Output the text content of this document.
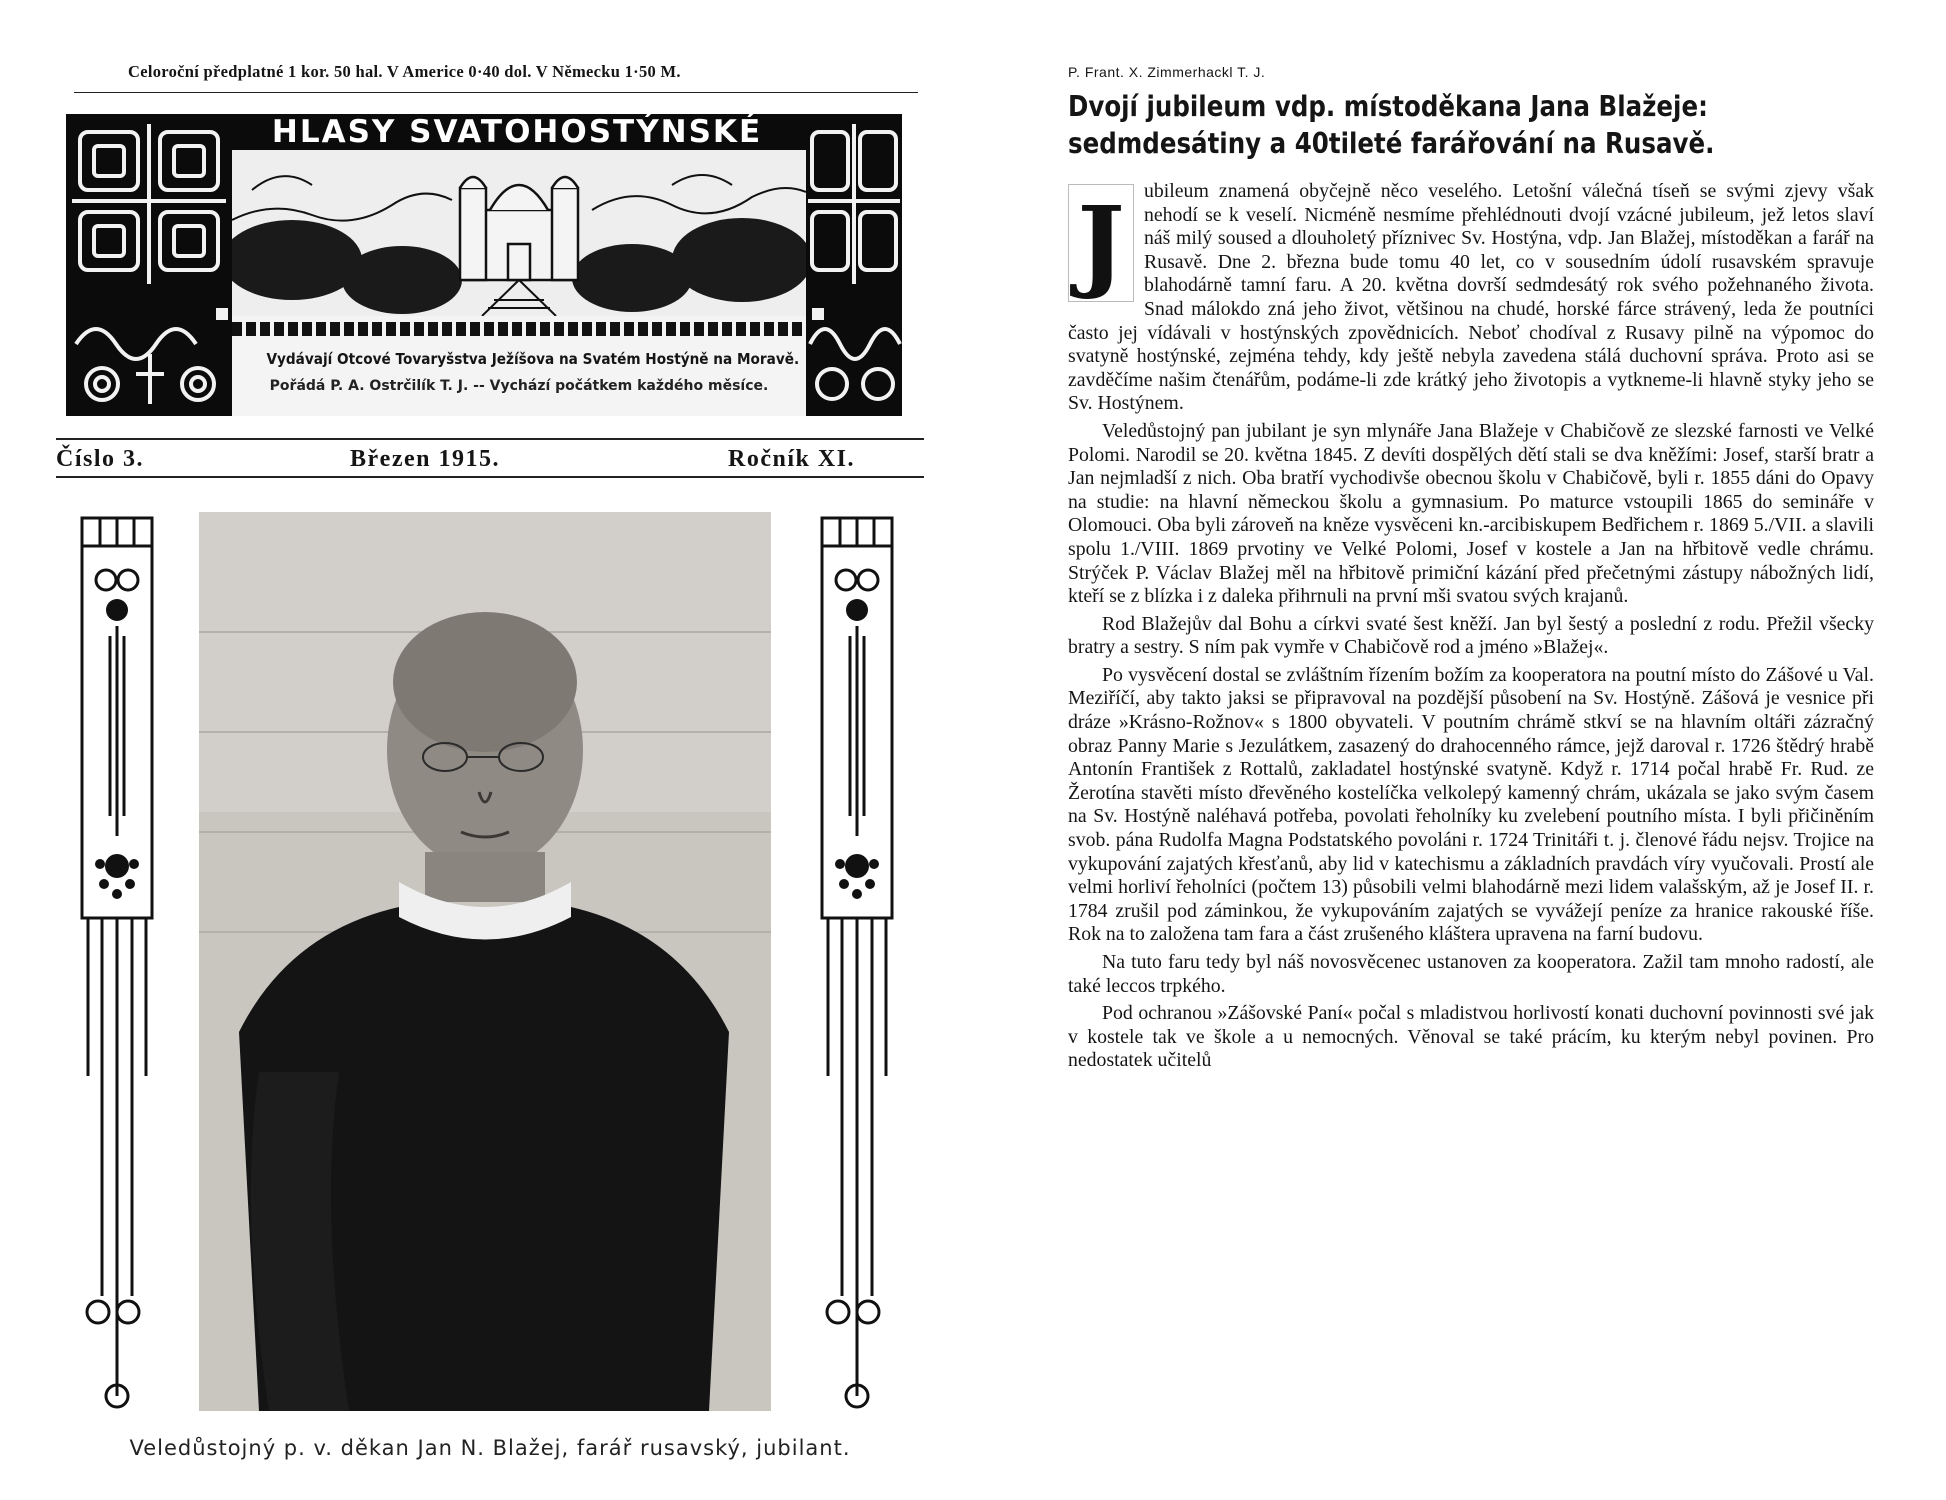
Celoroční předplatné 1 kor. 50 hal. V Americe 0·40 dol. V Německu 1·50 M.
HLASY SVATOHOSTÝNSKÉ
Vydávají Otcové Tovaryšstva Ježíšova na Svatém Hostýně na Moravě.
Pořádá P. A. Ostrčilík T. J. -- Vychází počátkem každého měsíce.
Číslo 3.	Březen 1915.	Ročník XI.
Veledůstojný p. v. děkan Jan N. Blažej, farář rusavský, jubilant.
P. Frant. X. Zimmerhackl T. J.
Dvojí jubileum vdp. místoděkana Jana Blažeje:
sedmdesátiny a 40tileté farářování na Rusavě.

J ubileum znamená obyčejně něco veselého. Letošní válečná tíseň se svými zjevy však nehodí se k veselí. Nicméně nesmíme přehlédnouti dvojí vzácné jubileum, jež letos slaví náš milý soused a dlouholetý příznivec Sv. Hostýna, vdp. Jan Blažej, místoděkan a farář na Rusavě. Dne 2. března bude tomu 40 let, co v sousedním údolí rusavském spravuje blahodárně tamní faru. A 20. května dovrší sedmdesátý rok svého požehnaného života. Snad málokdo zná jeho život, většinou na chudé, horské fárce strávený, leda že poutníci často jej vídávali v hostýnských zpovědnicích. Neboť chodíval z Rusavy pilně na výpomoc do svatyně hostýnské, zejména tehdy, kdy ještě nebyla zavedena stálá duchovní správa. Proto asi se zavděčíme našim čtenářům, podáme-li zde krátký jeho životopis a vytkneme-li hlavně styky jeho se Sv. Hostýnem.

Veledůstojný pan jubilant je syn mlynáře Jana Blažeje v Chabičově ze slezské farnosti ve Velké Polomi. Narodil se 20. května 1845. Z devíti dospělých dětí stali se dva kněžími: Josef, starší bratr a Jan nejmladší z nich. Oba bratří vychodivše obecnou školu v Chabičově, byli r. 1855 dáni do Opavy na studie: na hlavní německou školu a gymnasium. Po maturce vstoupili 1865 do semináře v Olomouci. Oba byli zároveň na kněze vysvěceni kn.-arcibiskupem Bedřichem r. 1869 5./VII. a slavili spolu 1./VIII. 1869 prvotiny ve Velké Polomi, Josef v kostele a Jan na hřbitově vedle chrámu. Strýček P. Václav Blažej měl na hřbitově primiční kázání před přečetnými zástupy nábožných lidí, kteří se z blízka i z daleka přihrnuli na první mši svatou svých krajanů.

Rod Blažejův dal Bohu a církvi svaté šest kněží. Jan byl šestý a poslední z rodu. Přežil všecky bratry a sestry. S ním pak vymře v Chabičově rod a jméno »Blažej«.

Po vysvěcení dostal se zvláštním řízením božím za kooperatora na poutní místo do Zášové u Val. Meziříčí, aby takto jaksi se připravoval na pozdější působení na Sv. Hostýně. Zášová je vesnice při dráze »Krásno-Rožnov« s 1800 obyvateli. V poutním chrámě stkví se na hlavním oltáři zázračný obraz Panny Marie s Jezulátkem, zasazený do drahocenného rámce, jejž daroval r. 1726 štědrý hrabě Antonín František z Rottalů, zakladatel hostýnské svatyně. Když r. 1714 počal hrabě Fr. Rud. ze Žerotína stavěti místo dřevěného kostelíčka velkolepý kamenný chrám, ukázala se jako svým časem na Sv. Hostýně naléhavá potřeba, povolati řeholníky ku zvelebení poutního místa. I byli přičiněním svob. pána Rudolfa Magna Podstatského povoláni r. 1724 Trinitáři t. j. členové řádu nejsv. Trojice na vykupování zajatých křesťanů, aby lid v katechismu a základních pravdách víry vyučovali. Prostí ale velmi horliví řeholníci (počtem 13) působili velmi blahodárně mezi lidem valašským, až je Josef II. r. 1784 zrušil pod záminkou, že vykupováním zajatých se vyvážejí peníze za hranice rakouské říše. Rok na to založena tam fara a část zrušeného kláštera upravena na farní budovu.

Na tuto faru tedy byl náš novosvěcenec ustanoven za kooperatora. Zažil tam mnoho radostí, ale také leccos trpkého.

Pod ochranou »Zášovské Paní« počal s mladistvou horlivostí konati duchovní povinnosti své jak v kostele tak ve škole a u nemocných. Věnoval se také prácím, ku kterým nebyl povinen. Pro nedostatek učitelů
